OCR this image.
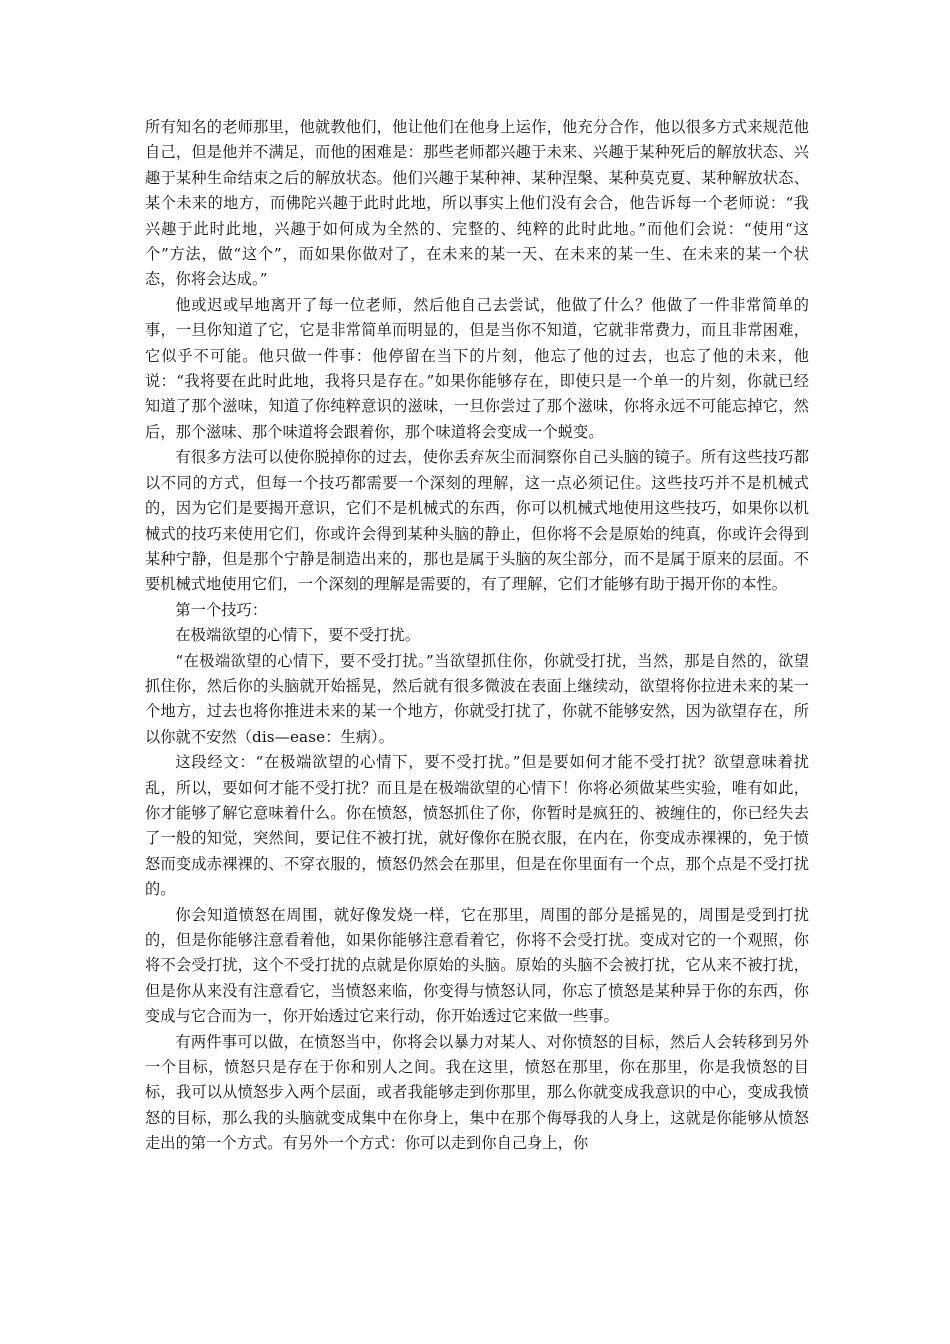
所有知名的老师那里，他就教他们，他让他们在他身上运作，他充分合作，他以很多方式来规范他自己，但是他并不满足，而他的困难是：那些老师都兴趣于未来、兴趣于某种死后的解放状态、兴趣于某种生命结束之后的解放状态。他们兴趣于某种神、某种涅槃、某种莫克夏、某种解放状态、某个未来的地方，而佛陀兴趣于此时此地，所以事实上他们没有会合，他告诉每一个老师说：“我兴趣于此时此地，兴趣于如何成为全然的、完整的、纯粹的此时此地。”而他们会说：“使用“这个”方法，做“这个”，而如果你做对了，在未来的某一天、在未来的某一生、在未来的某一个状态，你将会达成。”

他或迟或早地离开了每一位老师，然后他自己去尝试，他做了什么？他做了一件非常简单的事，一旦你知道了它，它是非常简单而明显的，但是当你不知道，它就非常费力，而且非常困难，它似乎不可能。他只做一件事：他停留在当下的片刻，他忘了他的过去，也忘了他的未来，他说：“我将要在此时此地，我将只是存在。”如果你能够存在，即使只是一个单一的片刻，你就已经知道了那个滋味，知道了你纯粹意识的滋味，一旦你尝过了那个滋味，你将永远不可能忘掉它，然后，那个滋味、那个味道将会跟着你，那个味道将会变成一个蜕变。

有很多方法可以使你脱掉你的过去，使你丢弃灰尘而洞察你自己头脑的镜子。所有这些技巧都以不同的方式，但每一个技巧都需要一个深刻的理解，这一点必须记住。这些技巧并不是机械式的，因为它们是要揭开意识，它们不是机械式的东西，你可以机械式地使用这些技巧，如果你以机械式的技巧来使用它们，你或许会得到某种头脑的静止，但你将不会是原始的纯真，你或许会得到某种宁静，但是那个宁静是制造出来的，那也是属于头脑的灰尘部分，而不是属于原来的层面。不要机械式地使用它们，一个深刻的理解是需要的，有了理解，它们才能够有助于揭开你的本性。

第一个技巧：

在极端欲望的心情下，要不受打扰。

“在极端欲望的心情下，要不受打扰。”当欲望抓住你，你就受打扰，当然，那是自然的，欲望抓住你，然后你的头脑就开始摇晃，然后就有很多微波在表面上继续动，欲望将你拉进未来的某一个地方，过去也将你推进未来的某一个地方，你就受打扰了，你就不能够安然，因为欲望存在，所以你就不安然（dis—ease：生病）。

这段经文：“在极端欲望的心情下，要不受打扰。”但是要如何才能不受打扰？欲望意味着扰乱，所以，要如何才能不受打扰？而且是在极端欲望的心情下！你将必须做某些实验，唯有如此，你才能够了解它意味着什么。你在愤怒，愤怒抓住了你，你暂时是疯狂的、被缠住的，你已经失去了一般的知觉，突然间，要记住不被打扰，就好像你在脱衣服，在内在，你变成赤裸裸的，免于愤怒而变成赤裸裸的、不穿衣服的，愤怒仍然会在那里，但是在你里面有一个点，那个点是不受打扰的。

你会知道愤怒在周围，就好像发烧一样，它在那里，周围的部分是摇晃的，周围是受到打扰的，但是你能够注意看着他，如果你能够注意看着它，你将不会受打扰。变成对它的一个观照，你将不会受打扰，这个不受打扰的点就是你原始的头脑。原始的头脑不会被打扰，它从来不被打扰，但是你从来没有注意看它，当愤怒来临，你变得与愤怒认同，你忘了愤怒是某种异于你的东西，你变成与它合而为一，你开始透过它来行动，你开始透过它来做一些事。

有两件事可以做，在愤怒当中，你将会以暴力对某人、对你愤怒的目标，然后人会转移到另外一个目标，愤怒只是存在于你和别人之间。我在这里，愤怒在那里，你在那里，你是我愤怒的目标，我可以从愤怒步入两个层面，或者我能够走到你那里，那么你就变成我意识的中心，变成我愤怒的目标，那么我的头脑就变成集中在你身上，集中在那个侮辱我的人身上，这就是你能够从愤怒走出的第一个方式。有另外一个方式：你可以走到你自己身上，你
